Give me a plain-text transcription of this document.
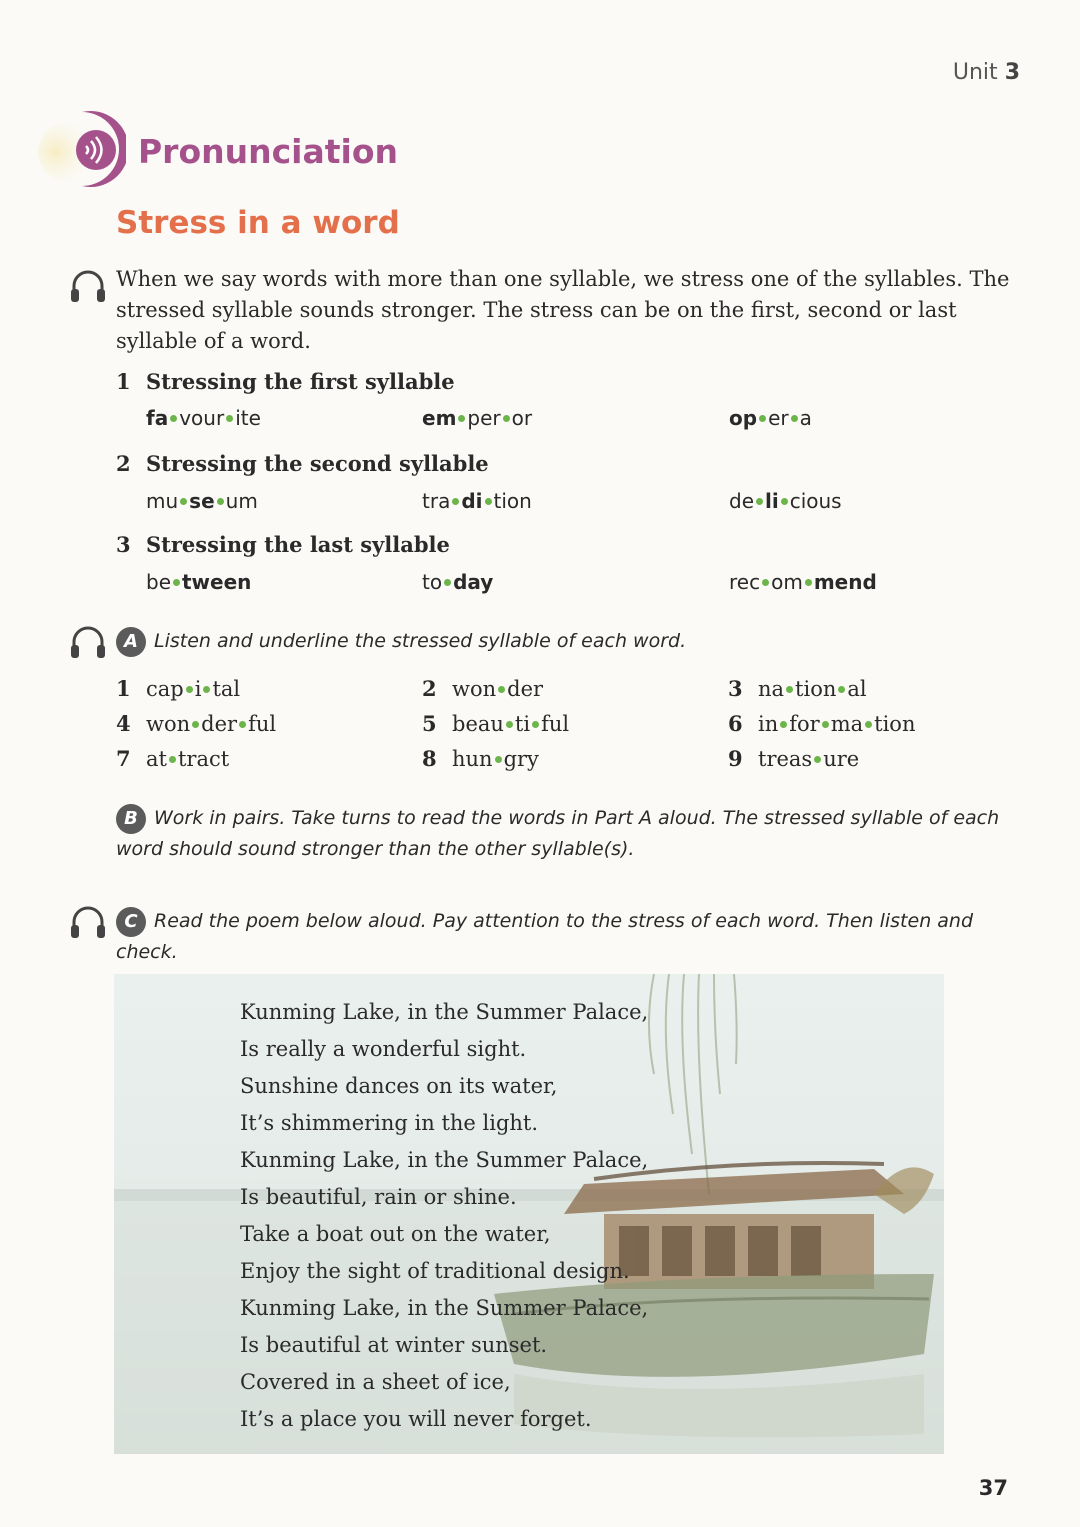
Unit 3
Pronunciation
Stress in a word
When we say words with more than one syllable, we stress one of the syllables. The stressed syllable sounds stronger. The stress can be on the first, second or last syllable of a word.
1 Stressing the first syllable
fa vour ite	em per or	op er a
2 Stressing the second syllable
mu se um	tra di tion	de li cious
3 Stressing the last syllable
be tween	to day	rec om mend
A Listen and underline the stressed syllable of each word.
1 cap i tal	2 won der	3 na tion al
4 won der ful	5 beau ti ful	6 in for ma tion
7 at tract	8 hun gry	9 treas ure
B Work in pairs. Take turns to read the words in Part A aloud. The stressed syllable of each word should sound stronger than the other syllable(s).
C Read the poem below aloud. Pay attention to the stress of each word. Then listen and check.
Kunming Lake, in the Summer Palace,
Is really a wonderful sight.
Sunshine dances on its water,
It’s shimmering in the light.
Kunming Lake, in the Summer Palace,
Is beautiful, rain or shine.
Take a boat out on the water,
Enjoy the sight of traditional design.
Kunming Lake, in the Summer Palace,
Is beautiful at winter sunset.
Covered in a sheet of ice,
It’s a place you will never forget.
37
